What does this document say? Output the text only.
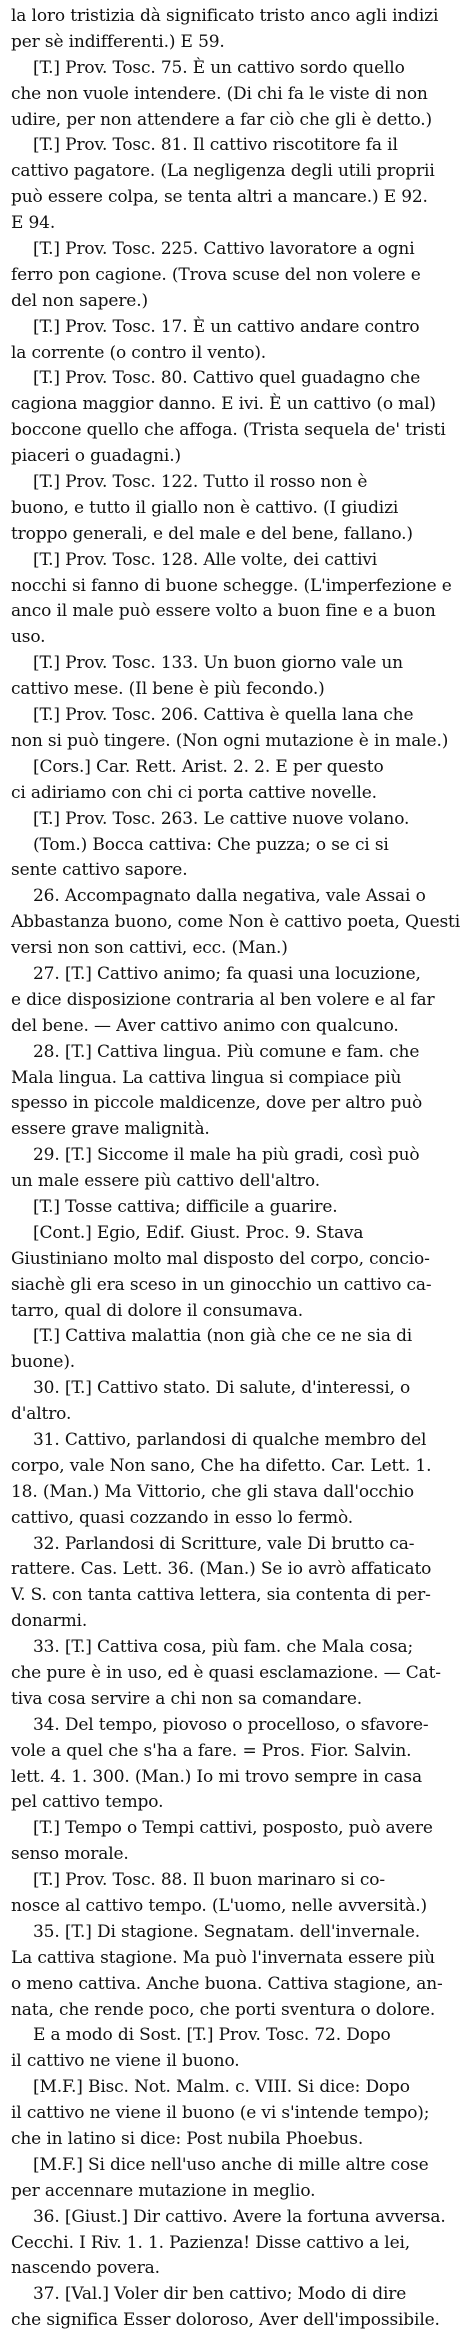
la loro tristizia dà significato tristo anco agli indizi
per sè indifferenti.) E 59.
[T.] Prov. Tosc. 75. È un cattivo sordo quello
che non vuole intendere. (Di chi fa le viste di non
udire, per non attendere a far ciò che gli è detto.)
[T.] Prov. Tosc. 81. Il cattivo riscotitore fa il
cattivo pagatore. (La negligenza degli utili proprii
può essere colpa, se tenta altri a mancare.) E 92.
E 94.
[T.] Prov. Tosc. 225. Cattivo lavoratore a ogni
ferro pon cagione. (Trova scuse del non volere e
del non sapere.)
[T.] Prov. Tosc. 17. È un cattivo andare contro
la corrente (o contro il vento).
[T.] Prov. Tosc. 80. Cattivo quel guadagno che
cagiona maggior danno. E ivi. È un cattivo (o mal)
boccone quello che affoga. (Trista sequela de' tristi
piaceri o guadagni.)
[T.] Prov. Tosc. 122. Tutto il rosso non è
buono, e tutto il giallo non è cattivo. (I giudizi
troppo generali, e del male e del bene, fallano.)
[T.] Prov. Tosc. 128. Alle volte, dei cattivi
nocchi si fanno di buone schegge. (L'imperfezione e
anco il male può essere volto a buon fine e a buon
uso.
[T.] Prov. Tosc. 133. Un buon giorno vale un
cattivo mese. (Il bene è più fecondo.)
[T.] Prov. Tosc. 206. Cattiva è quella lana che
non si può tingere. (Non ogni mutazione è in male.)
[Cors.] Car. Rett. Arist. 2. 2. E per questo
ci adiriamo con chi ci porta cattive novelle.
[T.] Prov. Tosc. 263. Le cattive nuove volano.
(Tom.) Bocca cattiva: Che puzza; o se ci si
sente cattivo sapore.
26. Accompagnato dalla negativa, vale Assai o
Abbastanza buono, come Non è cattivo poeta, Questi
versi non son cattivi, ecc. (Man.)
27. [T.] Cattivo animo; fa quasi una locuzione,
e dice disposizione contraria al ben volere e al far
del bene. — Aver cattivo animo con qualcuno.
28. [T.] Cattiva lingua. Più comune e fam. che
Mala lingua. La cattiva lingua si compiace più
spesso in piccole maldicenze, dove per altro può
essere grave malignità.
29. [T.] Siccome il male ha più gradi, così può
un male essere più cattivo dell'altro.
[T.] Tosse cattiva; difficile a guarire.
[Cont.] Egio, Edif. Giust. Proc. 9. Stava
Giustiniano molto mal disposto del corpo, concio-
siachè gli era sceso in un ginocchio un cattivo ca-
tarro, qual di dolore il consumava.
[T.] Cattiva malattia (non già che ce ne sia di
buone).
30. [T.] Cattivo stato. Di salute, d'interessi, o
d'altro.
31. Cattivo, parlandosi di qualche membro del
corpo, vale Non sano, Che ha difetto. Car. Lett. 1.
18. (Man.) Ma Vittorio, che gli stava dall'occhio
cattivo, quasi cozzando in esso lo fermò.
32. Parlandosi di Scritture, vale Di brutto ca-
rattere. Cas. Lett. 36. (Man.) Se io avrò affaticato
V. S. con tanta cattiva lettera, sia contenta di per-
donarmi.
33. [T.] Cattiva cosa, più fam. che Mala cosa;
che pure è in uso, ed è quasi esclamazione. — Cat-
tiva cosa servire a chi non sa comandare.
34. Del tempo, piovoso o procelloso, o sfavore-
vole a quel che s'ha a fare. = Pros. Fior. Salvin.
lett. 4. 1. 300. (Man.) Io mi trovo sempre in casa
pel cattivo tempo.
[T.] Tempo o Tempi cattivi, posposto, può avere
senso morale.
[T.] Prov. Tosc. 88. Il buon marinaro si co-
nosce al cattivo tempo. (L'uomo, nelle avversità.)
35. [T.] Di stagione. Segnatam. dell'invernale.
La cattiva stagione. Ma può l'invernata essere più
o meno cattiva. Anche buona. Cattiva stagione, an-
nata, che rende poco, che porti sventura o dolore.
E a modo di Sost. [T.] Prov. Tosc. 72. Dopo
il cattivo ne viene il buono.
[M.F.] Bisc. Not. Malm. c. VIII. Si dice: Dopo
il cattivo ne viene il buono (e vi s'intende tempo);
che in latino si dice: Post nubila Phoebus.
[M.F.] Si dice nell'uso anche di mille altre cose
per accennare mutazione in meglio.
36. [Giust.] Dir cattivo. Avere la fortuna avversa.
Cecchi. I Riv. 1. 1. Pazienza! Disse cattivo a lei,
nascendo povera.
37. [Val.] Voler dir ben cattivo; Modo di dire
che significa Esser doloroso, Aver dell'impossibile.
